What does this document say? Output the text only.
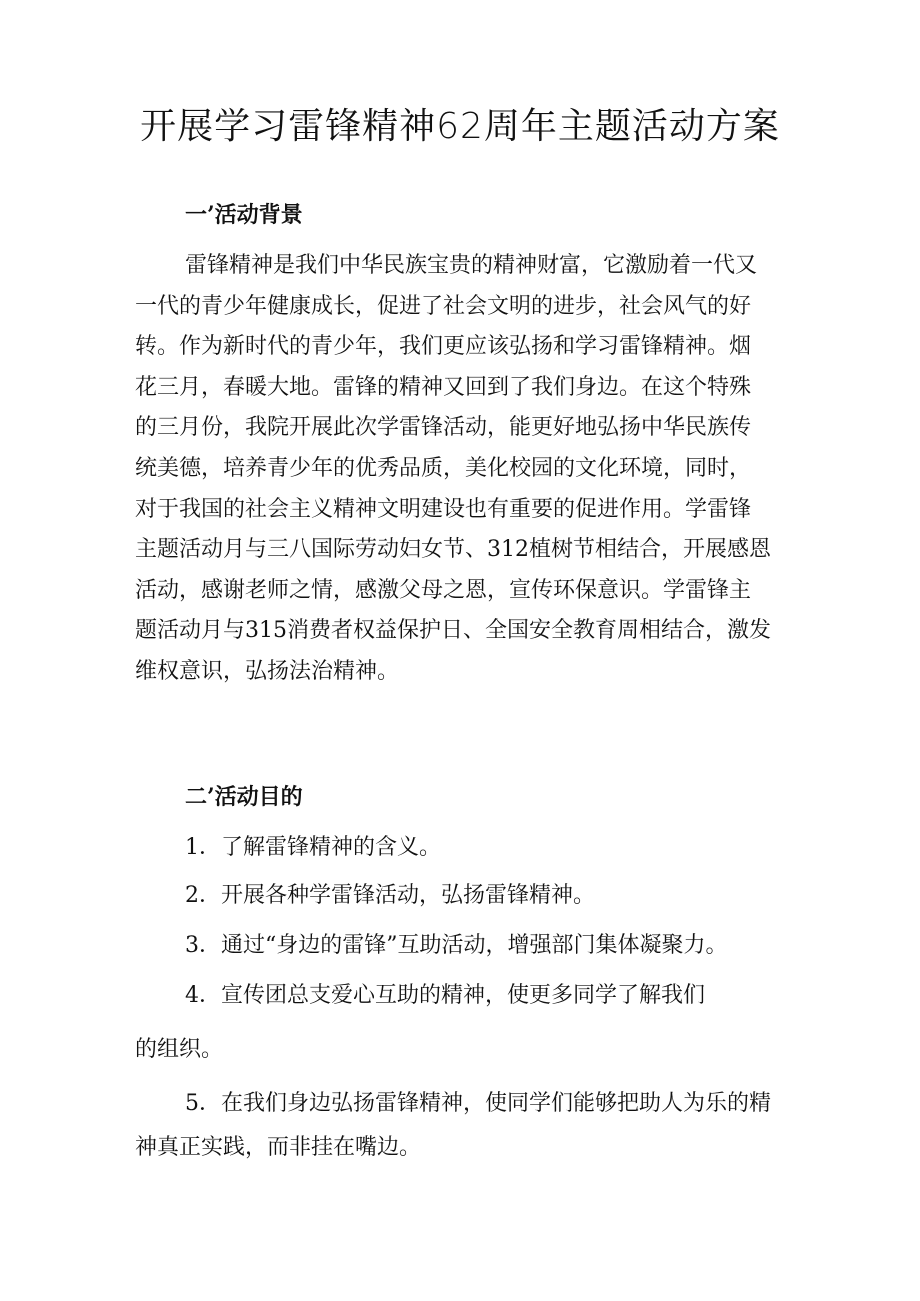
开展学习雷锋精神62周年主题活动方案
一’活动背景
雷锋精神是我们中华民族宝贵的精神财富，它激励着一代又
一代的青少年健康成长，促进了社会文明的进步，社会风气的好
转。作为新时代的青少年，我们更应该弘扬和学习雷锋精神。烟
花三月，春暖大地。雷锋的精神又回到了我们身边。在这个特殊
的三月份，我院开展此次学雷锋活动，能更好地弘扬中华民族传
统美德，培养青少年的优秀品质，美化校园的文化环境，同时，
对于我国的社会主义精神文明建设也有重要的促进作用。学雷锋
主题活动月与三八国际劳动妇女节、312植树节相结合，开展感恩
活动，感谢老师之情，感激父母之恩，宣传环保意识。学雷锋主
题活动月与315消费者权益保护日、全国安全教育周相结合，激发
维权意识，弘扬法治精神。
二’活动目的
1．了解雷锋精神的含义。
2．开展各种学雷锋活动，弘扬雷锋精神。
3．通过“身边的雷锋”互助活动，增强部门集体凝聚力。
4．宣传团总支爱心互助的精神，使更多同学了解我们
的组织。
5．在我们身边弘扬雷锋精神，使同学们能够把助人为乐的精
神真正实践，而非挂在嘴边。
